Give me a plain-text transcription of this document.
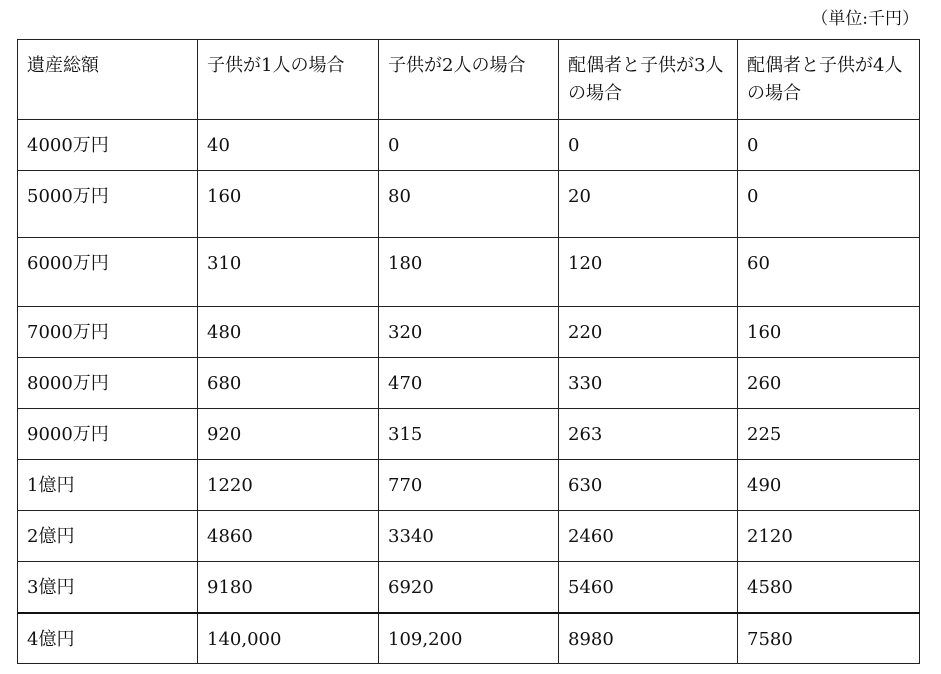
（単位:千円）
遺産総額	子供が1人の場合	子供が2人の場合	配偶者と子供が3人の場合	配偶者と子供が4人の場合
4000万円	40	0	0	0
5000万円	160	80	20	0
6000万円	310	180	120	60
7000万円	480	320	220	160
8000万円	680	470	330	260
9000万円	920	315	263	225
1億円	1220	770	630	490
2億円	4860	3340	2460	2120
3億円	9180	6920	5460	4580
4億円	140,000	109,200	8980	7580
